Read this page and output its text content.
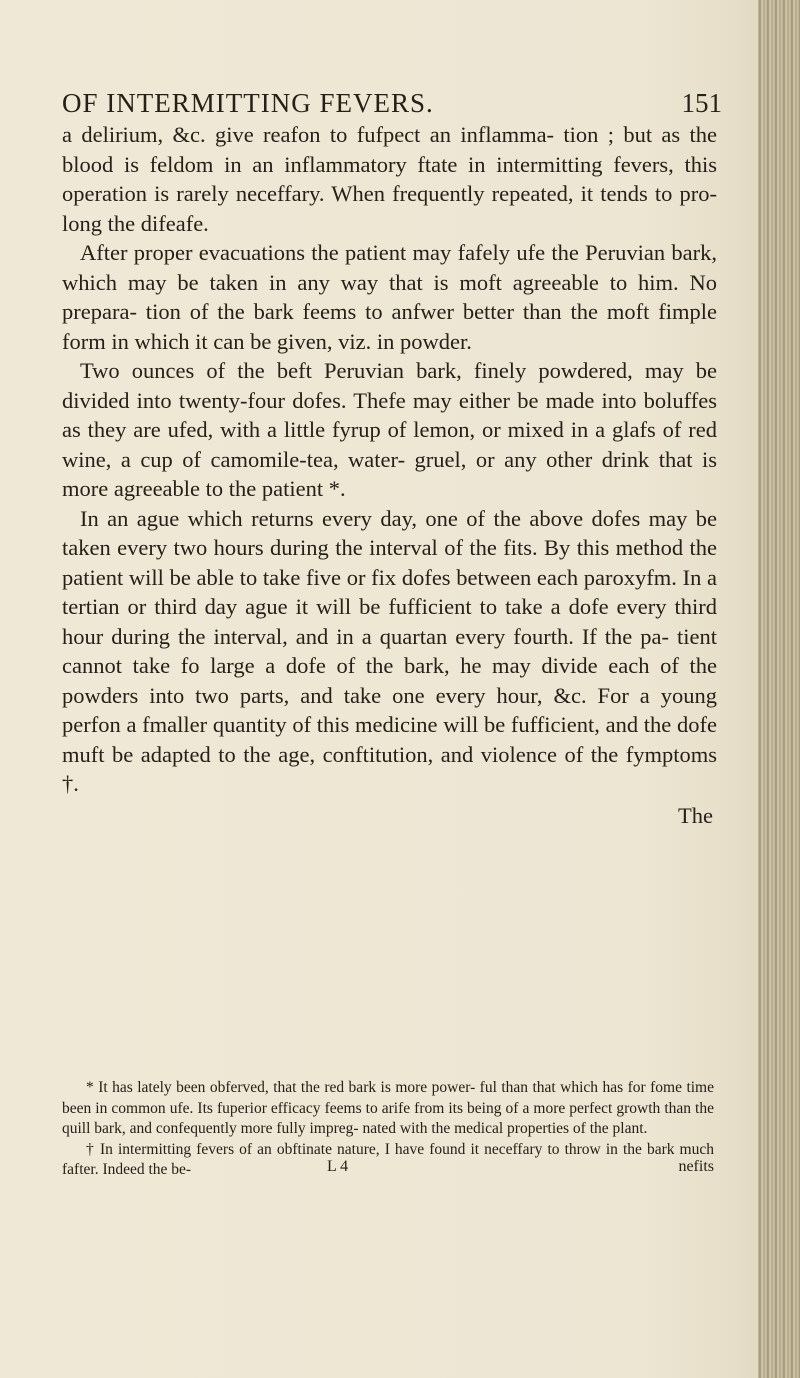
OF INTERMITTING FEVERS.	151

a delirium, &c. give reafon to fufpect an inflamma- tion ; but as the blood is feldom in an inflammatory ftate in intermitting fevers, this operation is rarely neceffary. When frequently repeated, it tends to pro- long the difeafe.

After proper evacuations the patient may fafely ufe the Peruvian bark, which may be taken in any way that is moft agreeable to him. No prepara- tion of the bark feems to anfwer better than the moft fimple form in which it can be given, viz. in powder.

Two ounces of the beft Peruvian bark, finely powdered, may be divided into twenty-four dofes. Thefe may either be made into boluffes as they are ufed, with a little fyrup of lemon, or mixed in a glafs of red wine, a cup of camomile-tea, water- gruel, or any other drink that is more agreeable to the patient *.

In an ague which returns every day, one of the above dofes may be taken every two hours during the interval of the fits. By this method the patient will be able to take five or fix dofes between each paroxyfm. In a tertian or third day ague it will be fufficient to take a dofe every third hour during the interval, and in a quartan every fourth. If the pa- tient cannot take fo large a dofe of the bark, he may divide each of the powders into two parts, and take one every hour, &c. For a young perfon a fmaller quantity of this medicine will be fufficient, and the dofe muft be adapted to the age, conftitution, and violence of the fymptoms †.

The

* It has lately been obferved, that the red bark is more power- ful than that which has for fome time been in common ufe. Its fuperior efficacy feems to arife from its being of a more perfect growth than the quill bark, and confequently more fully impreg- nated with the medical properties of the plant.

† In intermitting fevers of an obftinate nature, I have found it neceffary to throw in the bark much fafter. Indeed the be-	L 4	nefits
